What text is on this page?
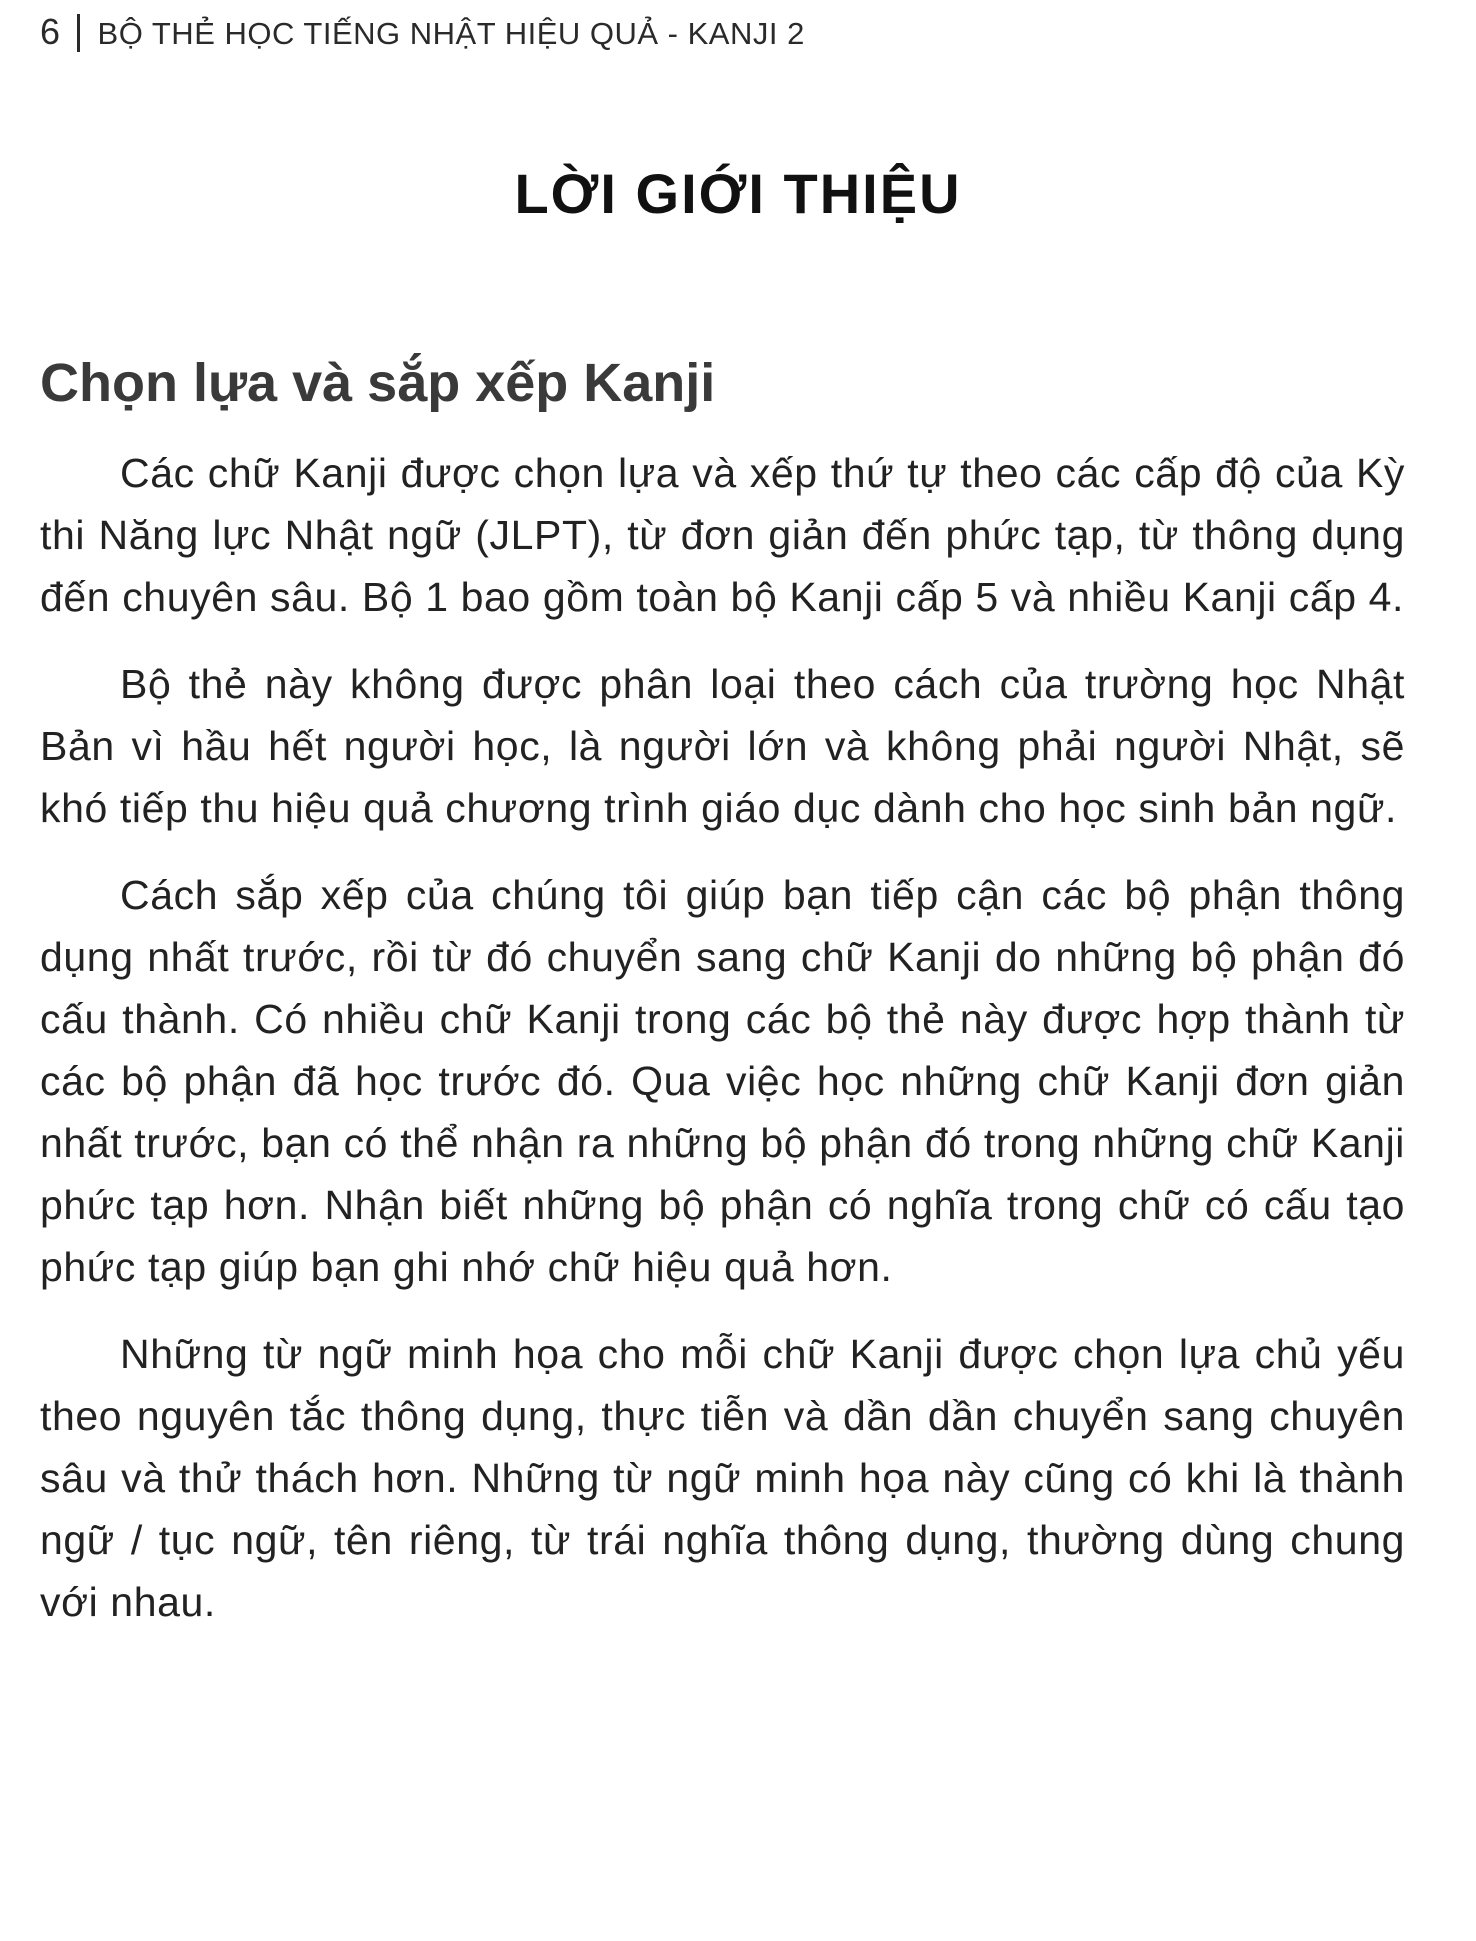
6 BỘ THẺ HỌC TIẾNG NHẬT HIỆU QUẢ - KANJI 2
LỜI GIỚI THIỆU
Chọn lựa và sắp xếp Kanji

Các chữ Kanji được chọn lựa và xếp thứ tự theo các cấp độ của Kỳ thi Năng lực Nhật ngữ (JLPT), từ đơn giản đến phức tạp, từ thông dụng đến chuyên sâu. Bộ 1 bao gồm toàn bộ Kanji cấp 5 và nhiều Kanji cấp 4.

Bộ thẻ này không được phân loại theo cách của trường học Nhật Bản vì hầu hết người học, là người lớn và không phải người Nhật, sẽ khó tiếp thu hiệu quả chương trình giáo dục dành cho học sinh bản ngữ.

Cách sắp xếp của chúng tôi giúp bạn tiếp cận các bộ phận thông dụng nhất trước, rồi từ đó chuyển sang chữ Kanji do những bộ phận đó cấu thành. Có nhiều chữ Kanji trong các bộ thẻ này được hợp thành từ các bộ phận đã học trước đó. Qua việc học những chữ Kanji đơn giản nhất trước, bạn có thể nhận ra những bộ phận đó trong những chữ Kanji phức tạp hơn. Nhận biết những bộ phận có nghĩa trong chữ có cấu tạo phức tạp giúp bạn ghi nhớ chữ hiệu quả hơn.

Những từ ngữ minh họa cho mỗi chữ Kanji được chọn lựa chủ yếu theo nguyên tắc thông dụng, thực tiễn và dần dần chuyển sang chuyên sâu và thử thách hơn. Những từ ngữ minh họa này cũng có khi là thành ngữ / tục ngữ, tên riêng, từ trái nghĩa thông dụng, thường dùng chung với nhau.
